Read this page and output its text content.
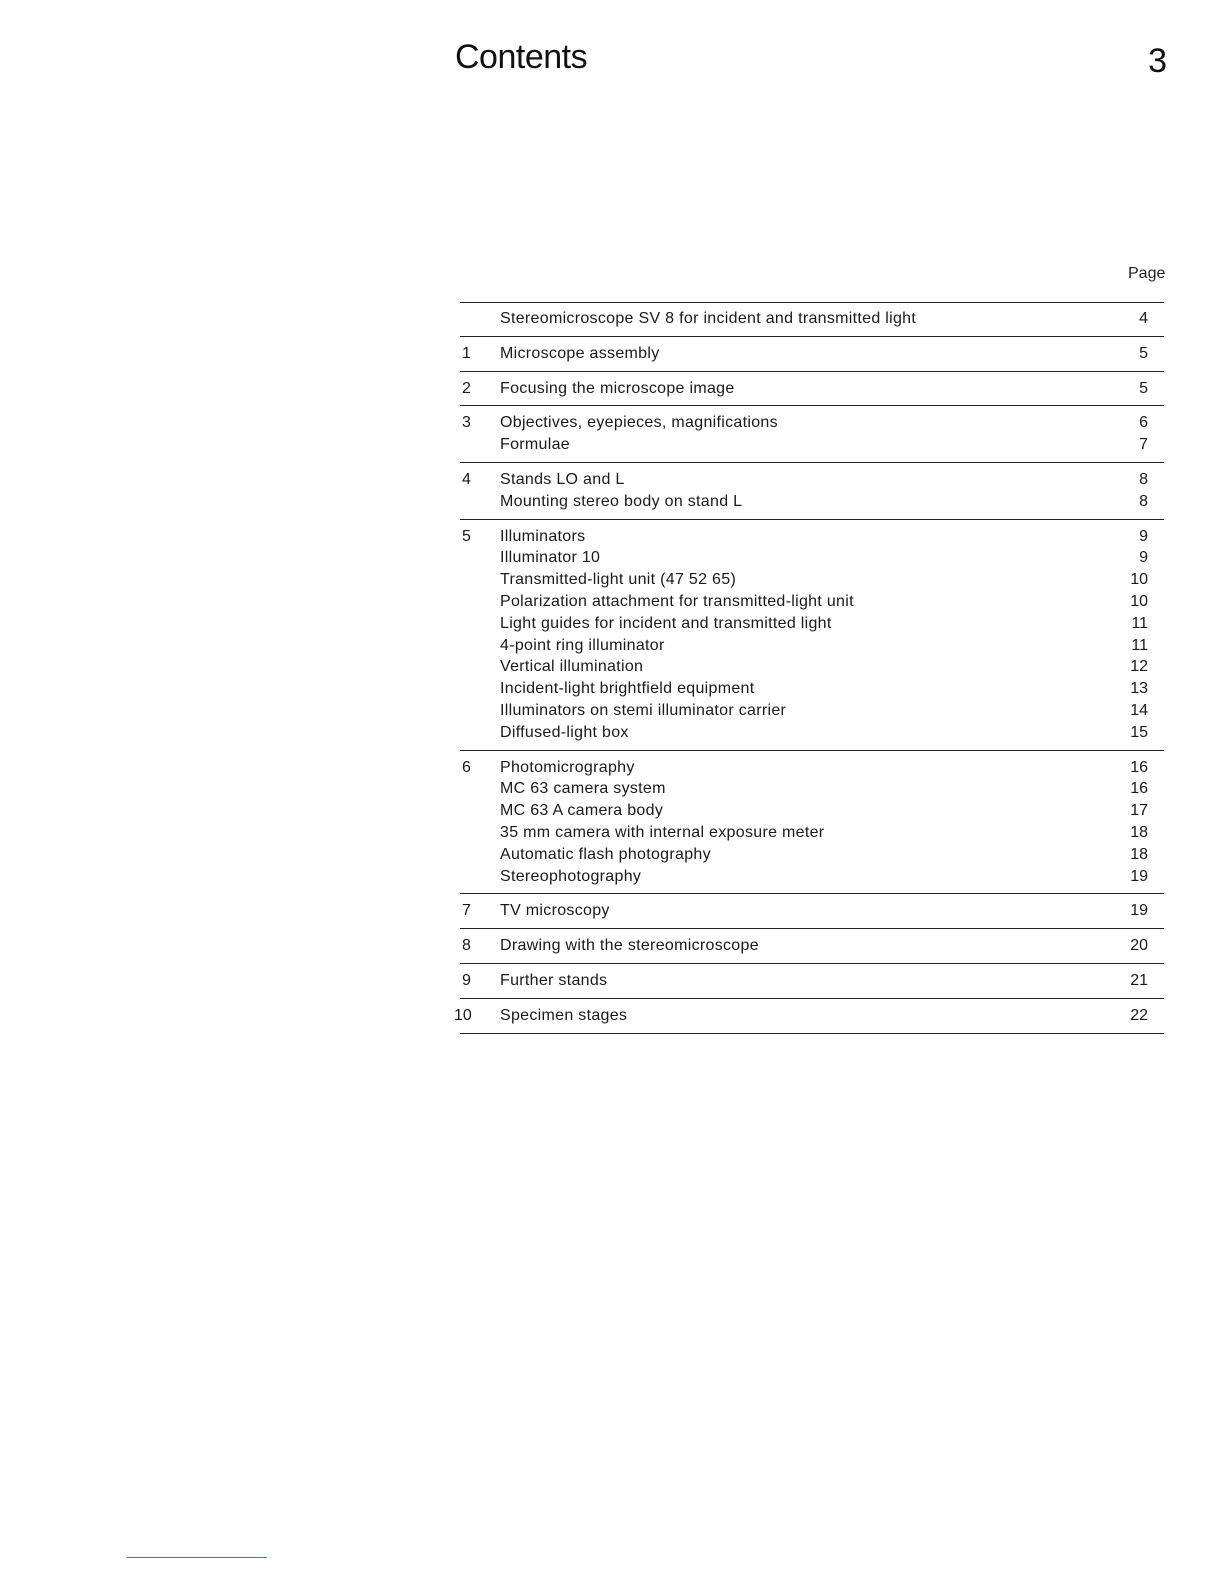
Contents	3
Page
Stereomicroscope SV 8 for incident and transmitted light	4
1	Microscope assembly	5
2	Focusing the microscope image	5
3	Objectives, eyepieces, magnifications	6
Formulae	7
4	Stands LO and L	8
Mounting stereo body on stand L	8
5	Illuminators	9
Illuminator 10	9
Transmitted-light unit (47 52 65)	10
Polarization attachment for transmitted-light unit	10
Light guides for incident and transmitted light	11
4-point ring illuminator	11
Vertical illumination	12
Incident-light brightfield equipment	13
Illuminators on stemi illuminator carrier	14
Diffused-light box	15
6	Photomicrography	16
MC 63 camera system	16
MC 63 A camera body	17
35 mm camera with internal exposure meter	18
Automatic flash photography	18
Stereophotography	19
7	TV microscopy	19
8	Drawing with the stereomicroscope	20
9	Further stands	21
10	Specimen stages	22
